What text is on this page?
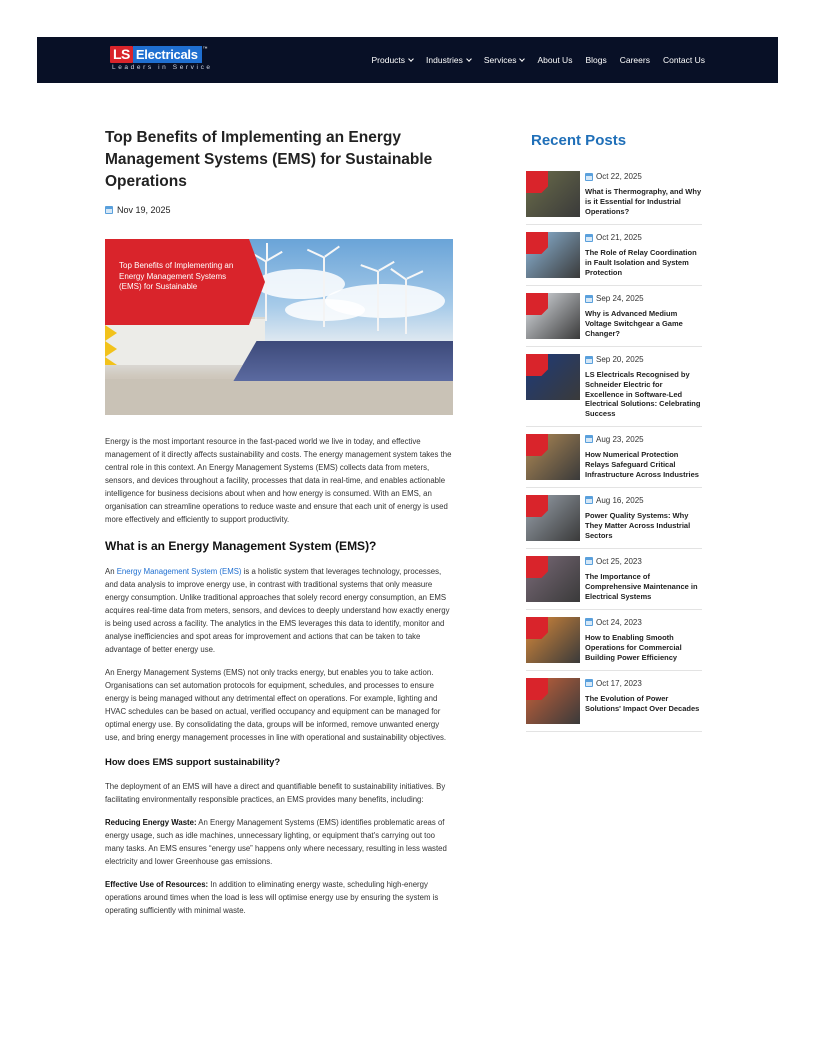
LS Electricals	™
Leaders in Service
Products Industries Services About Us Blogs Careers Contact Us
Top Benefits of Implementing an Energy Management Systems (EMS) for Sustainable Operations
Nov 19, 2025
Top Benefits of Implementing an Energy Management Systems (EMS) for Sustainable

Energy is the most important resource in the fast-paced world we live in today, and effective management of it directly affects sustainability and costs. The energy management system takes the central role in this context. An Energy Management Systems (EMS) collects data from meters, sensors, and devices throughout a facility, processes that data in real-time, and enables actionable intelligence for business decisions about when and how energy is consumed. With an EMS, an organisation can streamline operations to reduce waste and ensure that each unit of energy is used more effectively and efficiently to support productivity.

What is an Energy Management System (EMS)?

An Energy Management System (EMS) is a holistic system that leverages technology, processes, and data analysis to improve energy use, in contrast with traditional systems that only measure energy consumption. Unlike traditional approaches that solely record energy consumption, an EMS acquires real-time data from meters, sensors, and devices to deeply understand how exactly energy is being used across a facility. The analytics in the EMS leverages this data to identify, monitor and analyse inefficiencies and spot areas for improvement and actions that can be taken to take advantage of better energy use.

An Energy Management Systems (EMS) not only tracks energy, but enables you to take action. Organisations can set automation protocols for equipment, schedules, and processes to ensure energy is being managed without any detrimental effect on operations. For example, lighting and HVAC schedules can be based on actual, verified occupancy and equipment can be managed for optimal energy use. By consolidating the data, groups will be informed, remove unwanted energy use, and bring energy management processes in line with operational and sustainability objectives.

How does EMS support sustainability?

The deployment of an EMS will have a direct and quantifiable benefit to sustainability initiatives. By facilitating environmentally responsible practices, an EMS provides many benefits, including:

Reducing Energy Waste: An Energy Management Systems (EMS) identifies problematic areas of energy usage, such as idle machines, unnecessary lighting, or equipment that's carrying out too many tasks. An EMS ensures “energy use” happens only where necessary, resulting in less wasted electricity and lower Greenhouse gas emissions.

Effective Use of Resources: In addition to eliminating energy waste, scheduling high-energy operations around times when the load is less will optimise energy use by ensuring the system is operating sufficiently with minimal waste.

Recent Posts
Oct 22, 2025
What is Thermography, and Why is it Essential for Industrial Operations?
Oct 21, 2025
The Role of Relay Coordination in Fault Isolation and System Protection
Sep 24, 2025
Why is Advanced Medium Voltage Switchgear a Game Changer?
Sep 20, 2025
LS Electricals Recognised by Schneider Electric for Excellence in Software-Led Electrical Solutions: Celebrating Success
Aug 23, 2025
How Numerical Protection Relays Safeguard Critical Infrastructure Across Industries
Aug 16, 2025
Power Quality Systems: Why They Matter Across Industrial Sectors
Oct 25, 2023
The Importance of Comprehensive Maintenance in Electrical Systems
Oct 24, 2023
How to Enabling Smooth Operations for Commercial Building Power Efficiency
Oct 17, 2023
The Evolution of Power Solutions' Impact Over Decades
